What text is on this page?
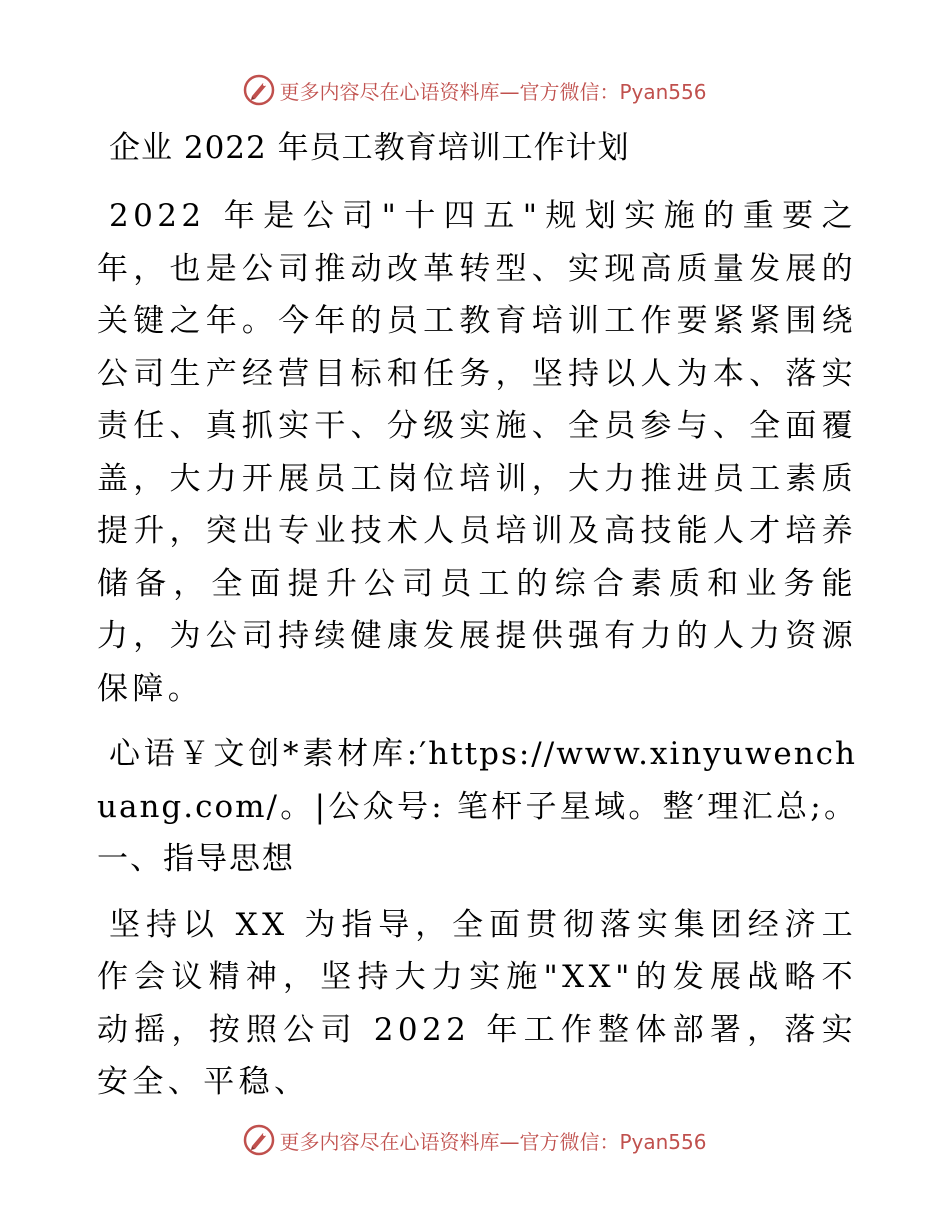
更多内容尽在心语资料库—官方微信：Pyan556
企业 2022 年员工教育培训工作计划

2022 年是公司"十四五"规划实施的重要之年，也是公司推动改革转型、实现高质量发展的关键之年。今年的员工教育培训工作要紧紧围绕公司生产经营目标和任务，坚持以人为本、落实责任、真抓实干、分级实施、全员参与、全面覆盖，大力开展员工岗位培训，大力推进员工素质提升，突出专业技术人员培训及高技能人才培养储备，全面提升公司员工的综合素质和业务能力，为公司持续健康发展提供强有力的人力资源保障。

心语￥文创*素材库:′https://www.xinyuwenchuang.com/。|公众号: 笔杆子星域。整′理汇总;。一、指导思想

坚持以 XX 为指导，全面贯彻落实集团经济工作会议精神，坚持大力实施"XX"的发展战略不动摇，按照公司 2022 年工作整体部署，落实安全、平稳、

更多内容尽在心语资料库—官方微信：Pyan556
